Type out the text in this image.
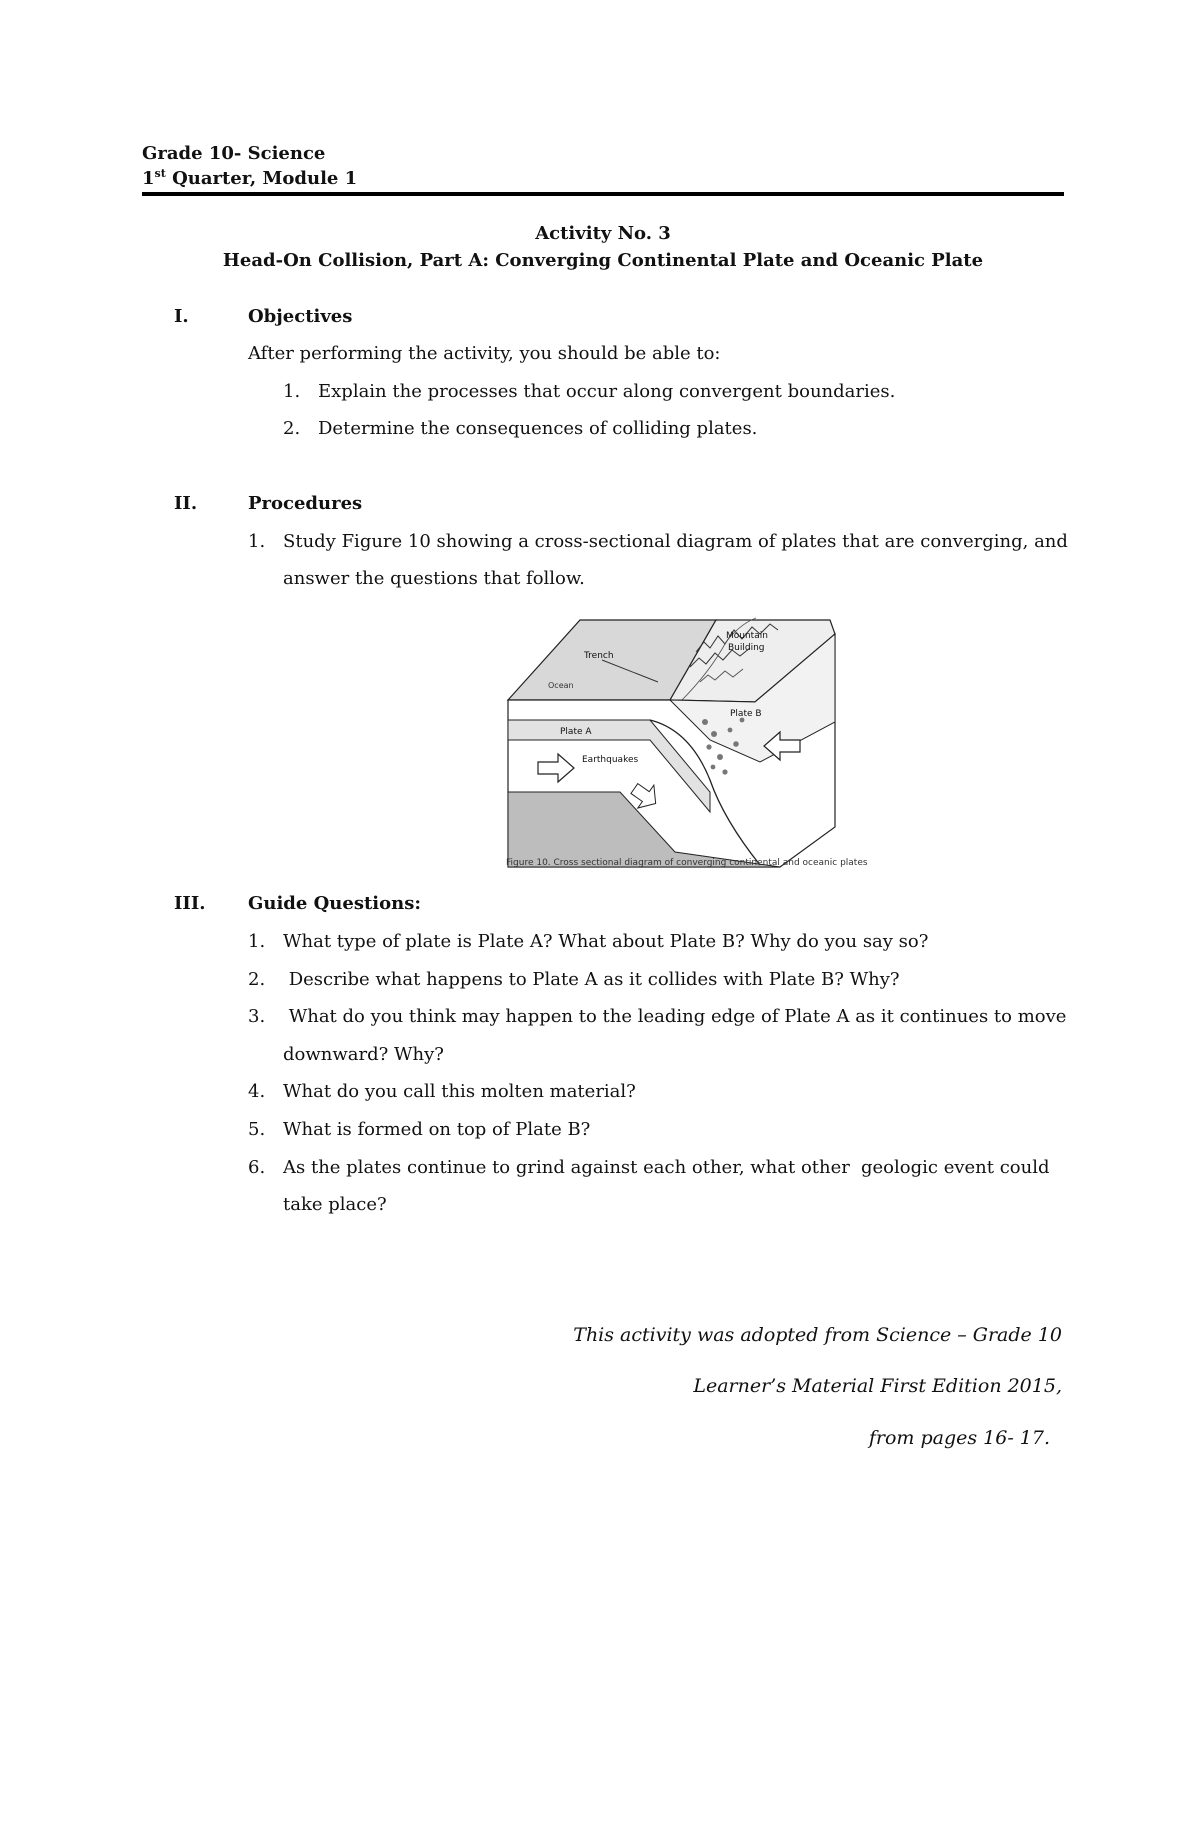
Grade 10- Science
1st Quarter, Module 1
Activity No. 3
Head-On Collision, Part A: Converging Continental Plate and Oceanic Plate
I.	Objectives
After performing the activity, you should be able to:
1. Explain the processes that occur along convergent boundaries.
2. Determine the consequences of colliding plates.
II.	Procedures
1. Study Figure 10 showing a cross-sectional diagram of plates that are converging, and
answer the questions that follow.
Trench
Ocean
Mountain
Building
Plate A
Plate B
Earthquakes
Figure 10. Cross sectional diagram of converging continental and oceanic plates
III. Guide Questions:
1. What type of plate is Plate A? What about Plate B? Why do you say so?
2. Describe what happens to Plate A as it collides with Plate B? Why?
3. What do you think may happen to the leading edge of Plate A as it continues to move
downward? Why?
4. What do you call this molten material?
5. What is formed on top of Plate B?
6. As the plates continue to grind against each other, what other geologic event could
take place?
This activity was adopted from Science – Grade 10
Learner’s Material First Edition 2015,
from pages 16- 17.
